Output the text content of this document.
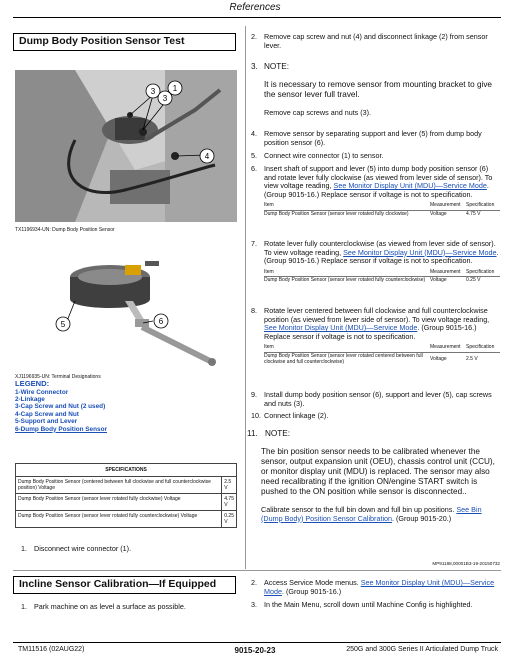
References
Dump Body Position Sensor Test
3
3
1
4
TX1196934-UN: Dump Body Position Sensor
5	6
XJ1196935-UN: Terminal Designations
LEGEND:
1-Wire Connector
2-Linkage
3-Cap Screw and Nut (2 used)
4-Cap Screw and Nut
5-Support and Lever
6-Dump Body Position Sensor
SPECIFICATIONS	
Dump Body Position Sensor (centered between full clockwise and full counterclockwise position) Voltage	2.5 V
Dump Body Position Sensor (sensor lever rotated fully clockwise) Voltage	4.75 V
Dump Body Position Sensor (sensor lever rotated fully counterclockwise) Voltage	0.25 V
1. Disconnect wire connector (1).
2. Remove cap screw and nut (4) and disconnect linkage (2) from sensor lever.
3. NOTE:
It is necessary to remove sensor from mounting bracket to give the sensor lever full travel.
Remove cap screws and nuts (3).
4. Remove sensor by separating support and lever (5) from dump body position sensor (6).
5. Connect wire connector (1) to sensor.
6. Insert shaft of support and lever (5) into dump body position sensor (6) and rotate lever fully clockwise (as viewed from lever side of sensor). To view voltage reading, See Monitor Display Unit (MDU)—Service Mode. (Group 9015-16.) Replace sensor if voltage is not to specification.
Item	Measurement	Specification
Dump Body Position Sensor (sensor lever rotated fully clockwise)	Voltage	4.75 V
7. Rotate lever fully counterclockwise (as viewed from lever side of sensor). To view voltage reading, See Monitor Display Unit (MDU)—Service Mode. (Group 9015-16.) Replace sensor if voltage is not to specification.
Item	Measurement	Specification
Dump Body Position Sensor (sensor lever rotated fully counterclockwise)	Voltage	0.25 V
8. Rotate lever centered between full clockwise and full counterclockwise position (as viewed from lever side of sensor). To view voltage reading, See Monitor Display Unit (MDU)—Service Mode. (Group 9015-16.) Replace sensor if voltage is not to specification.
Item	Measurement	Specification
Dump Body Position Sensor (sensor lever rotated centered between full clockwise and full counterclockwise)	Voltage	2.5 V
9. Install dump body position sensor (6), support and lever (5), cap screws and nuts (3).
10. Connect linkage (2).
11. NOTE:
The bin position sensor needs to be calibrated whenever the sensor, output expansion unit (OEU), chassis control unit (CCU), or monitor display unit (MDU) is replaced. The sensor may also need recalibrating if the ignition ON/engine START switch is pushed to the ON position while sensor is disconnected..
Calibrate sensor to the full bin down and full bin up positions. See Bin (Dump Body) Position Sensor Calibration. (Group 9015-20.)
MP91188,00001B3-19-20150732
Incline Sensor Calibration—If Equipped
1. Park machine on as level a surface as possible.
2. Access Service Mode menus. See Monitor Display Unit (MDU)—Service Mode. (Group 9015-16.)
3. In the Main Menu, scroll down until Machine Config is highlighted.
TM11516 (02AUG22)	9015-20-23	250G and 300G Series II Articulated Dump Truck
